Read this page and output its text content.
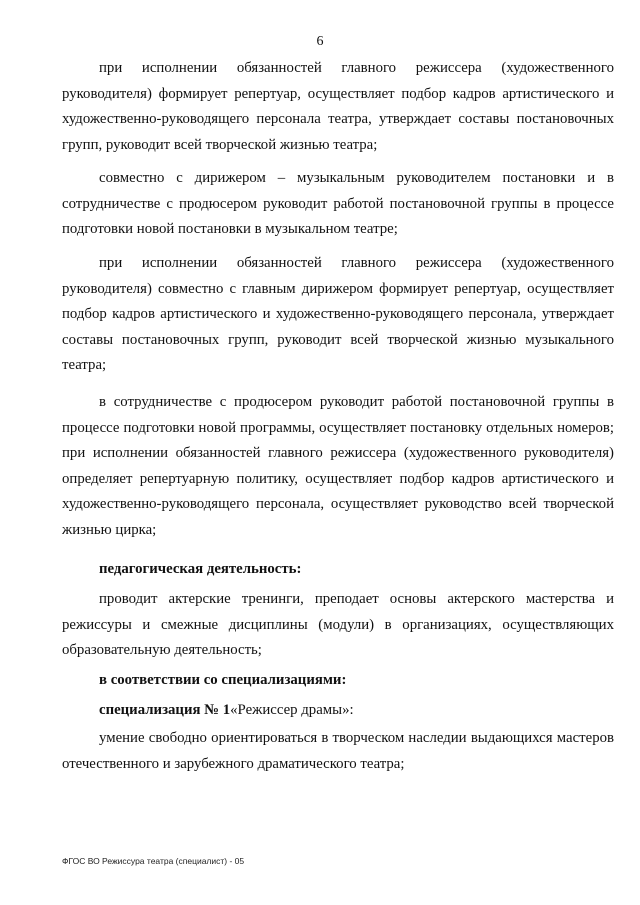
6

при исполнении обязанностей главного режиссера (художественного руководителя) формирует репертуар, осуществляет подбор кадров артистического и художественно-руководящего персонала театра, утверждает составы постановочных групп, руководит всей творческой жизнью театра;

совместно с дирижером – музыкальным руководителем постановки и в сотрудничестве с продюсером руководит работой постановочной группы в процессе подготовки новой постановки в музыкальном театре;

при исполнении обязанностей главного режиссера (художественного руководителя) совместно с главным дирижером формирует репертуар, осуществляет подбор кадров артистического и художественно-руководящего персонала, утверждает составы постановочных групп, руководит всей творческой жизнью музыкального театра;

в сотрудничестве с продюсером руководит работой постановочной группы в процессе подготовки новой программы, осуществляет постановку отдельных номеров; при исполнении обязанностей главного режиссера (художественного руководителя) определяет репертуарную политику, осуществляет подбор кадров артистического и художественно-руководящего персонала, осуществляет руководство всей творческой жизнью цирка;

педагогическая деятельность:

проводит актерские тренинги, преподает основы актерского мастерства и режиссуры и смежные дисциплины (модули) в организациях, осуществляющих образовательную деятельность;

в соответствии со специализациями:

специализация № 1«Режиссер драмы»:

умение свободно ориентироваться в творческом наследии выдающихся мастеров отечественного и зарубежного драматического театра;

ФГОС ВО Режиссура театра (специалист) - 05
